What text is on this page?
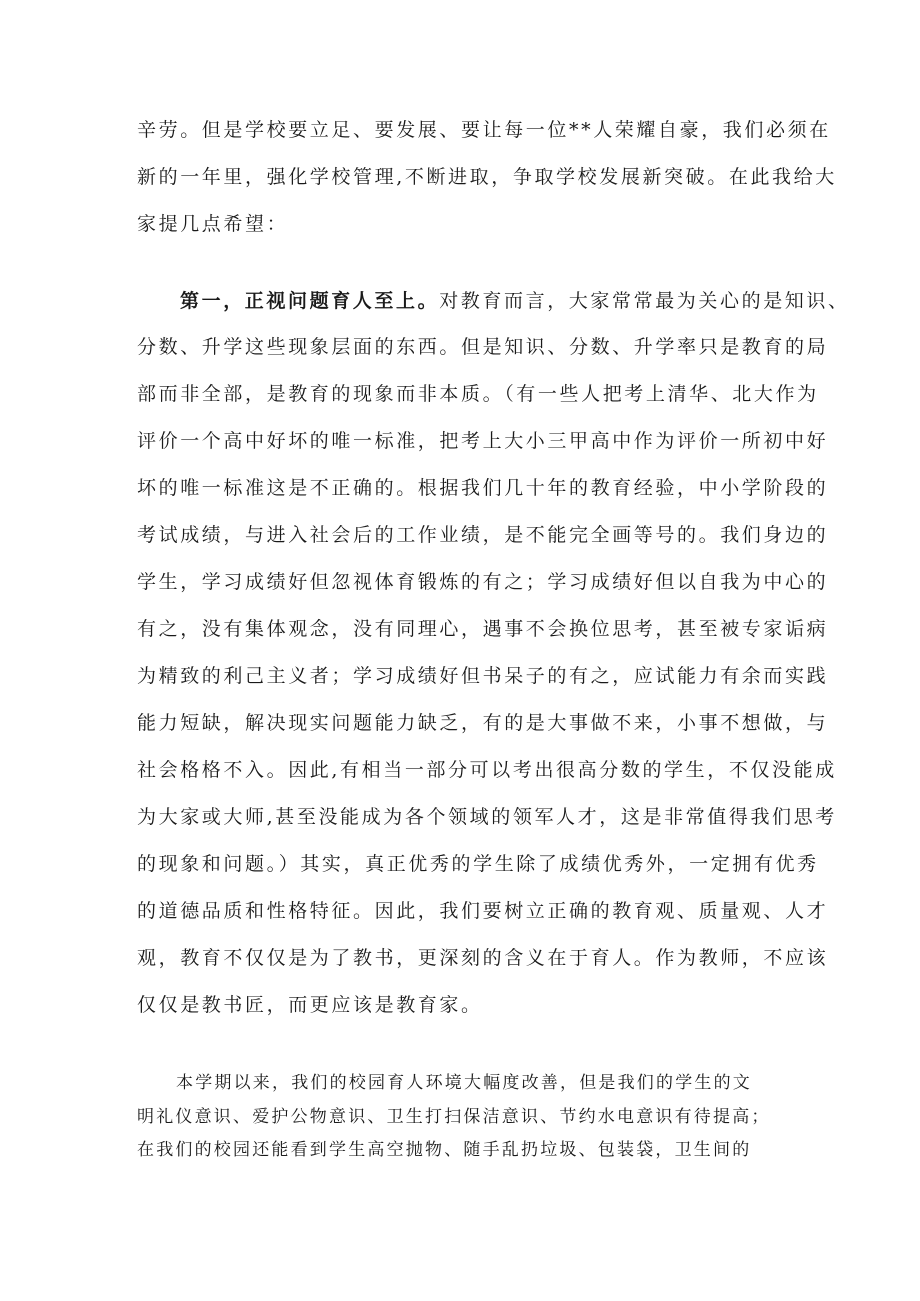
辛劳。但是学校要立足、要发展、要让每一位**人荣耀自豪，我们必须在
新的一年里，强化学校管理,不断进取，争取学校发展新突破。在此我给大
家提几点希望：
第一，正视问题育人至上。对教育而言，大家常常最为关心的是知识、
分数、升学这些现象层面的东西。但是知识、分数、升学率只是教育的局
部而非全部，是教育的现象而非本质。（有一些人把考上清华、北大作为
评价一个高中好坏的唯一标准，把考上大小三甲高中作为评价一所初中好
坏的唯一标准这是不正确的。根据我们几十年的教育经验，中小学阶段的
考试成绩，与进入社会后的工作业绩，是不能完全画等号的。我们身边的
学生，学习成绩好但忽视体育锻炼的有之；学习成绩好但以自我为中心的
有之，没有集体观念，没有同理心，遇事不会换位思考，甚至被专家诟病
为精致的利己主义者；学习成绩好但书呆子的有之，应试能力有余而实践
能力短缺，解决现实问题能力缺乏，有的是大事做不来，小事不想做，与
社会格格不入。因此,有相当一部分可以考出很高分数的学生，不仅没能成
为大家或大师,甚至没能成为各个领域的领军人才，这是非常值得我们思考
的现象和问题。）其实，真正优秀的学生除了成绩优秀外，一定拥有优秀
的道德品质和性格特征。因此，我们要树立正确的教育观、质量观、人才
观，教育不仅仅是为了教书，更深刻的含义在于育人。作为教师，不应该
仅仅是教书匠，而更应该是教育家。
本学期以来，我们的校园育人环境大幅度改善，但是我们的学生的文
明礼仪意识、爱护公物意识、卫生打扫保洁意识、节约水电意识有待提高；
在我们的校园还能看到学生高空抛物、随手乱扔垃圾、包装袋，卫生间的
